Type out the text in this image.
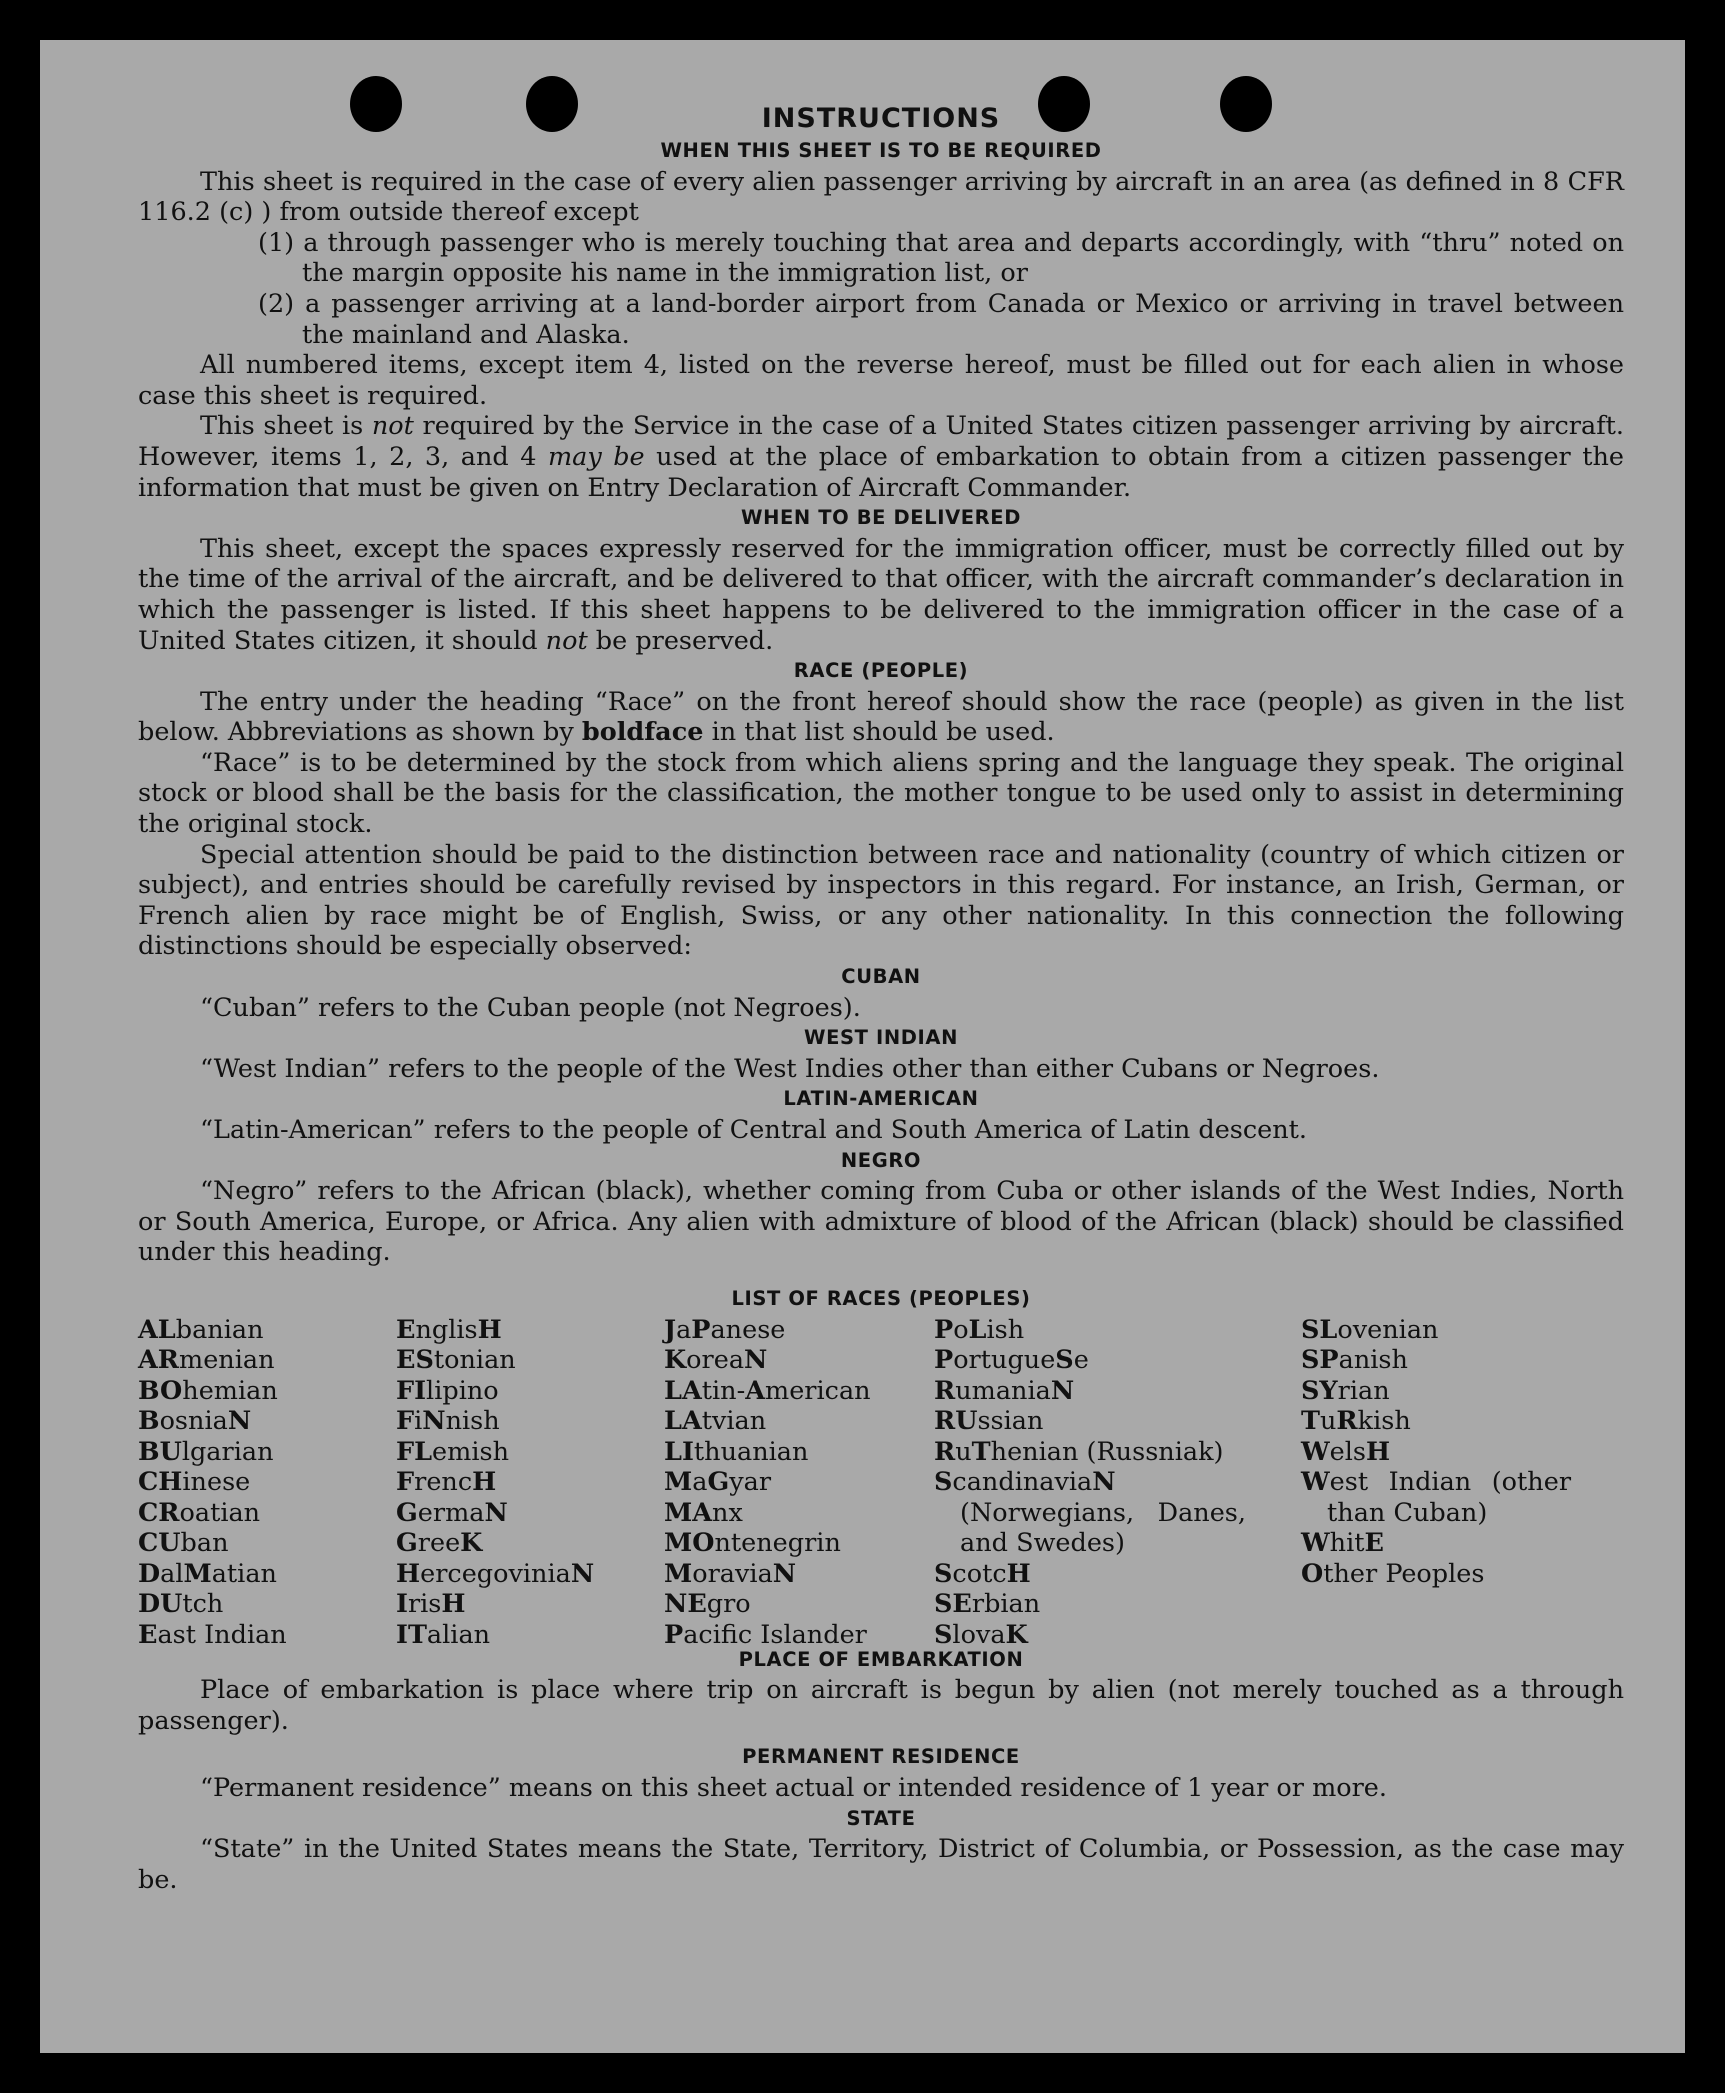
INSTRUCTIONS
WHEN THIS SHEET IS TO BE REQUIRED

This sheet is required in the case of every alien passenger arriving by aircraft in an area (as defined in 8 CFR 116.2 (c) ) from outside thereof except

(1) a through passenger who is merely touching that area and departs accordingly, with “thru” noted on the margin opposite his name in the immigration list, or
(2) a passenger arriving at a land-border airport from Canada or Mexico or arriving in travel between the mainland and Alaska.

All numbered items, except item 4, listed on the reverse hereof, must be filled out for each alien in whose case this sheet is required.

This sheet is not required by the Service in the case of a United States citizen passenger arriving by aircraft. However, items 1, 2, 3, and 4 may be used at the place of embarkation to obtain from a citizen passenger the information that must be given on Entry Declaration of Aircraft Commander.

WHEN TO BE DELIVERED

This sheet, except the spaces expressly reserved for the immigration officer, must be correctly filled out by the time of the arrival of the aircraft, and be delivered to that officer, with the aircraft commander’s declaration in which the passenger is listed. If this sheet happens to be delivered to the immigration officer in the case of a United States citizen, it should not be preserved.

RACE (PEOPLE)

The entry under the heading “Race” on the front hereof should show the race (people) as given in the list below. Abbreviations as shown by boldface in that list should be used.

“Race” is to be determined by the stock from which aliens spring and the language they speak. The original stock or blood shall be the basis for the classification, the mother tongue to be used only to assist in determining the original stock.

Special attention should be paid to the distinction between race and nationality (country of which citizen or subject), and entries should be carefully revised by inspectors in this regard. For instance, an Irish, German, or French alien by race might be of English, Swiss, or any other nationality. In this connection the following distinctions should be especially observed:

CUBAN

“Cuban” refers to the Cuban people (not Negroes).

WEST INDIAN

“West Indian” refers to the people of the West Indies other than either Cubans or Negroes.

LATIN-AMERICAN

“Latin-American” refers to the people of Central and South America of Latin descent.

NEGRO

“Negro” refers to the African (black), whether coming from Cuba or other islands of the West Indies, North or South America, Europe, or Africa. Any alien with admixture of blood of the African (black) should be classified under this heading.

LIST OF RACES (PEOPLES)
ALbanian
ARmenian
BOhemian
BosniaN
BUlgarian
CHinese
CRoatian
CUban
DalMatian
DUtch
East Indian
EnglisH
EStonian
FIlipino
FiNnish
FLemish
FrencH
GermaN
GreeK
HercegoviniaN
IrisH
ITalian
JaPanese
KoreaN
LAtin-American
LAtvian
LIthuanian
MaGyar
MAnx
MOntenegrin
MoraviaN
NEgro
Pacifc Islander
PoLish
PortugueSe
RumaniaN
RUssian
RuThenian (Russniak)
ScandinaviaN (Norwegians, Danes, and Swedes)
ScotcH
SErbian
SlovaK
SLovenian
SPanish
SYrian
TuRkish
WelsH
West Indian (other than Cuban)
WhitE
Other Peoples
PLACE OF EMBARKATION

Place of embarkation is place where trip on aircraft is begun by alien (not merely touched as a through passenger).

PERMANENT RESIDENCE

“Permanent residence” means on this sheet actual or intended residence of 1 year or more.

STATE

“State” in the United States means the State, Territory, District of Columbia, or Possession, as the case may be.
